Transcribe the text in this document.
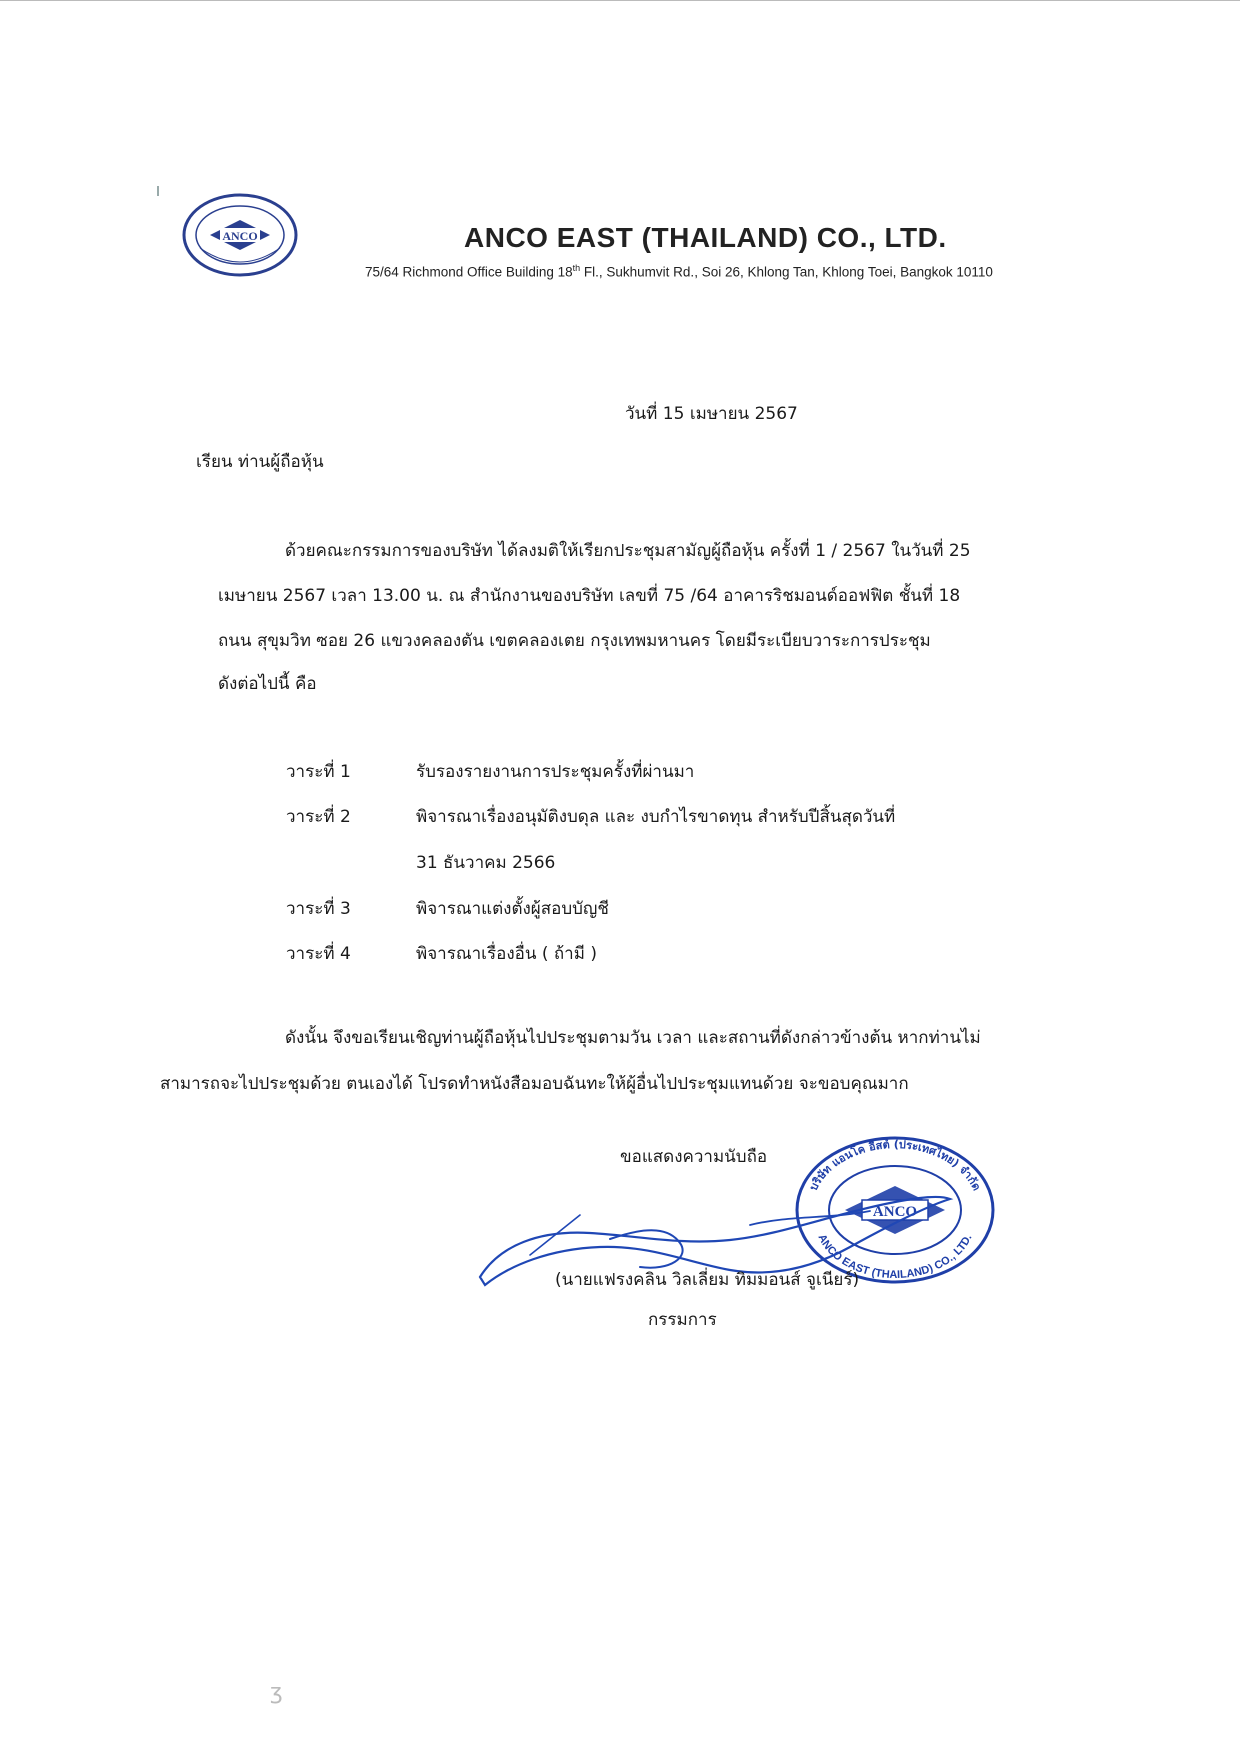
ANCO	ANCO EAST (THAILAND) CO., LTD.
75/64 Richmond Office Building 18th Fl., Sukhumvit Rd., Soi 26, Khlong Tan, Khlong Toei, Bangkok 10110
วันที่ 15 เมษายน 2567
เรียน ท่านผู้ถือหุ้น
ด้วยคณะกรรมการของบริษัท ได้ลงมติให้เรียกประชุมสามัญผู้ถือหุ้น ครั้งที่ 1 / 2567 ในวันที่ 25
เมษายน 2567 เวลา 13.00 น. ณ สำนักงานของบริษัท เลขที่ 75 /64 อาคารริชมอนด์ออฟฟิต ชั้นที่ 18
ถนน สุขุมวิท ซอย 26 แขวงคลองตัน เขตคลองเตย กรุงเทพมหานคร โดยมีระเบียบวาระการประชุม
ดังต่อไปนี้ คือ
วาระที่ 1	รับรองรายงานการประชุมครั้งที่ผ่านมา
วาระที่ 2	พิจารณาเรื่องอนุมัติงบดุล และ งบกำไรขาดทุน สำหรับปีสิ้นสุดวันที่
31 ธันวาคม 2566
วาระที่ 3	พิจารณาแต่งตั้งผู้สอบบัญชี
วาระที่ 4	พิจารณาเรื่องอื่น ( ถ้ามี )
ดังนั้น จึงขอเรียนเชิญท่านผู้ถือหุ้นไปประชุมตามวัน เวลา และสถานที่ดังกล่าวข้างต้น หากท่านไม่
สามารถจะไปประชุมด้วย ตนเองได้ โปรดทำหนังสือมอบฉันทะให้ผู้อื่นไปประชุมแทนด้วย จะขอบคุณมาก
ANCO
บริษัท แอนโค อีสต์ (ประเทศไทย) จำกัด
ANCO EAST (THAILAND) CO., LTD.
ขอแสดงความนับถือ
(นายแฟรงคลิน วิลเลี่ยม ทิมมอนส์ จูเนียร์)
กรรมการ
ʒ
